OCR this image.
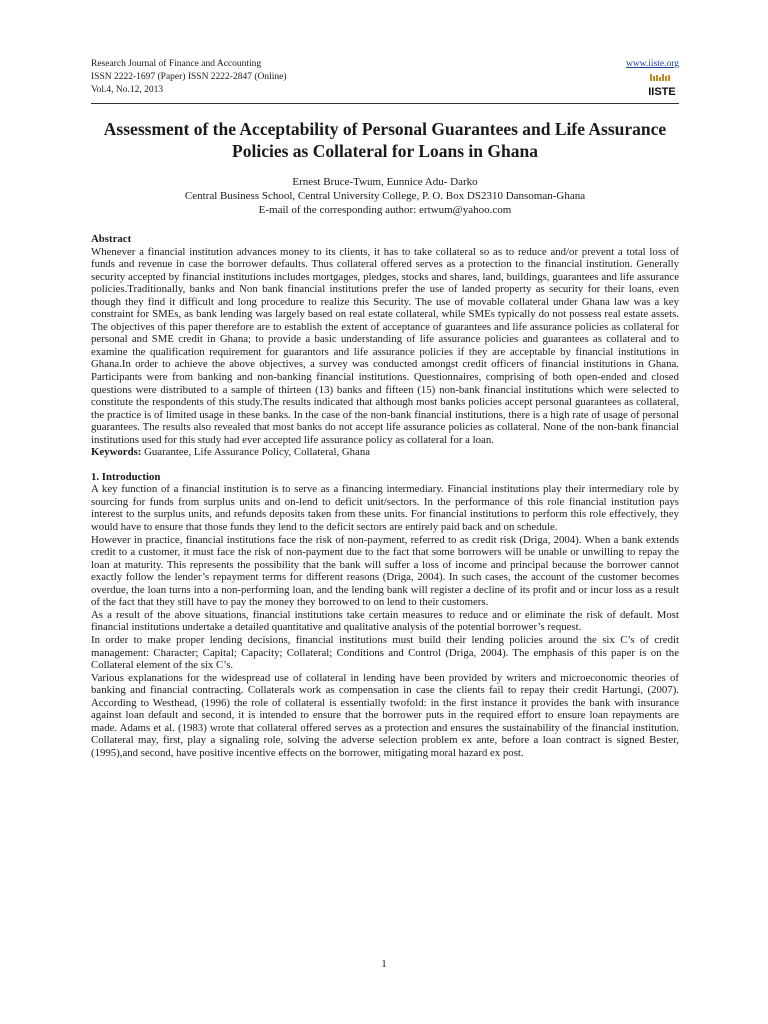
Research Journal of Finance and Accounting
ISSN 2222-1697 (Paper) ISSN 2222-2847 (Online)
Vol.4, No.12, 2013
www.iiste.org
IISTE
Assessment of the Acceptability of Personal Guarantees and Life Assurance Policies as Collateral for Loans in Ghana
Ernest Bruce-Twum, Eunnice Adu- Darko
Central Business School, Central University College, P. O. Box DS2310 Dansoman-Ghana
E-mail of the corresponding author: ertwum@yahoo.com

Abstract

Whenever a financial institution advances money to its clients, it has to take collateral so as to reduce and/or prevent a total loss of funds and revenue in case the borrower defaults. Thus collateral offered serves as a protection to the financial institution. Generally security accepted by financial institutions includes mortgages, pledges, stocks and shares, land, buildings, guarantees and life assurance policies.Traditionally, banks and Non bank financial institutions prefer the use of landed property as security for their loans, even though they find it difficult and long procedure to realize this Security. The use of movable collateral under Ghana law was a key constraint for SMEs, as bank lending was largely based on real estate collateral, while SMEs typically do not possess real estate assets. The objectives of this paper therefore are to establish the extent of acceptance of guarantees and life assurance policies as collateral for personal and SME credit in Ghana; to provide a basic understanding of life assurance policies and guarantees as collateral and to examine the qualification requirement for guarantors and life assurance policies if they are acceptable by financial institutions in Ghana.In order to achieve the above objectives, a survey was conducted amongst credit officers of financial institutions in Ghana. Participants were from banking and non-banking financial institutions. Questionnaires, comprising of both open-ended and closed questions were distributed to a sample of thirteen (13) banks and fifteen (15) non-bank financial institutions which were selected to constitute the respondents of this study.The results indicated that although most banks policies accept personal guarantees as collateral, the practice is of limited usage in these banks. In the case of the non-bank financial institutions, there is a high rate of usage of personal guarantees. The results also revealed that most banks do not accept life assurance policies as collateral. None of the non-bank financial institutions used for this study had ever accepted life assurance policy as collateral for a loan.

Keywords: Guarantee, Life Assurance Policy, Collateral, Ghana

1. Introduction

A key function of a financial institution is to serve as a financing intermediary. Financial institutions play their intermediary role by sourcing for funds from surplus units and on-lend to deficit unit/sectors. In the performance of this role financial institution pays interest to the surplus units, and refunds deposits taken from these units. For financial institutions to perform this role effectively, they would have to ensure that those funds they lend to the deficit sectors are entirely paid back and on schedule.

However in practice, financial institutions face the risk of non-payment, referred to as credit risk (Driga, 2004). When a bank extends credit to a customer, it must face the risk of non-payment due to the fact that some borrowers will be unable or unwilling to repay the loan at maturity. This represents the possibility that the bank will suffer a loss of income and principal because the borrower cannot exactly follow the lender’s repayment terms for different reasons (Driga, 2004). In such cases, the account of the customer becomes overdue, the loan turns into a non-performing loan, and the lending bank will register a decline of its profit and or incur loss as a result of the fact that they still have to pay the money they borrowed to on lend to their customers.

As a result of the above situations, financial institutions take certain measures to reduce and or eliminate the risk of default. Most financial institutions undertake a detailed quantitative and qualitative analysis of the potential borrower’s request.

In order to make proper lending decisions, financial institutions must build their lending policies around the six C’s of credit management: Character; Capital; Capacity; Collateral; Conditions and Control (Driga, 2004). The emphasis of this paper is on the Collateral element of the six C’s.

Various explanations for the widespread use of collateral in lending have been provided by writers and microeconomic theories of banking and financial contracting. Collaterals work as compensation in case the clients fail to repay their credit Hartungi, (2007). According to Westhead, (1996) the role of collateral is essentially twofold: in the first instance it provides the bank with insurance against loan default and second, it is intended to ensure that the borrower puts in the required effort to ensure loan repayments are made. Adams et al. (1983) wrote that collateral offered serves as a protection and ensures the sustainability of the financial institution. Collateral may, first, play a signaling role, solving the adverse selection problem ex ante, before a loan contract is signed Bester, (1995),and second, have positive incentive effects on the borrower, mitigating moral hazard ex post.

1
